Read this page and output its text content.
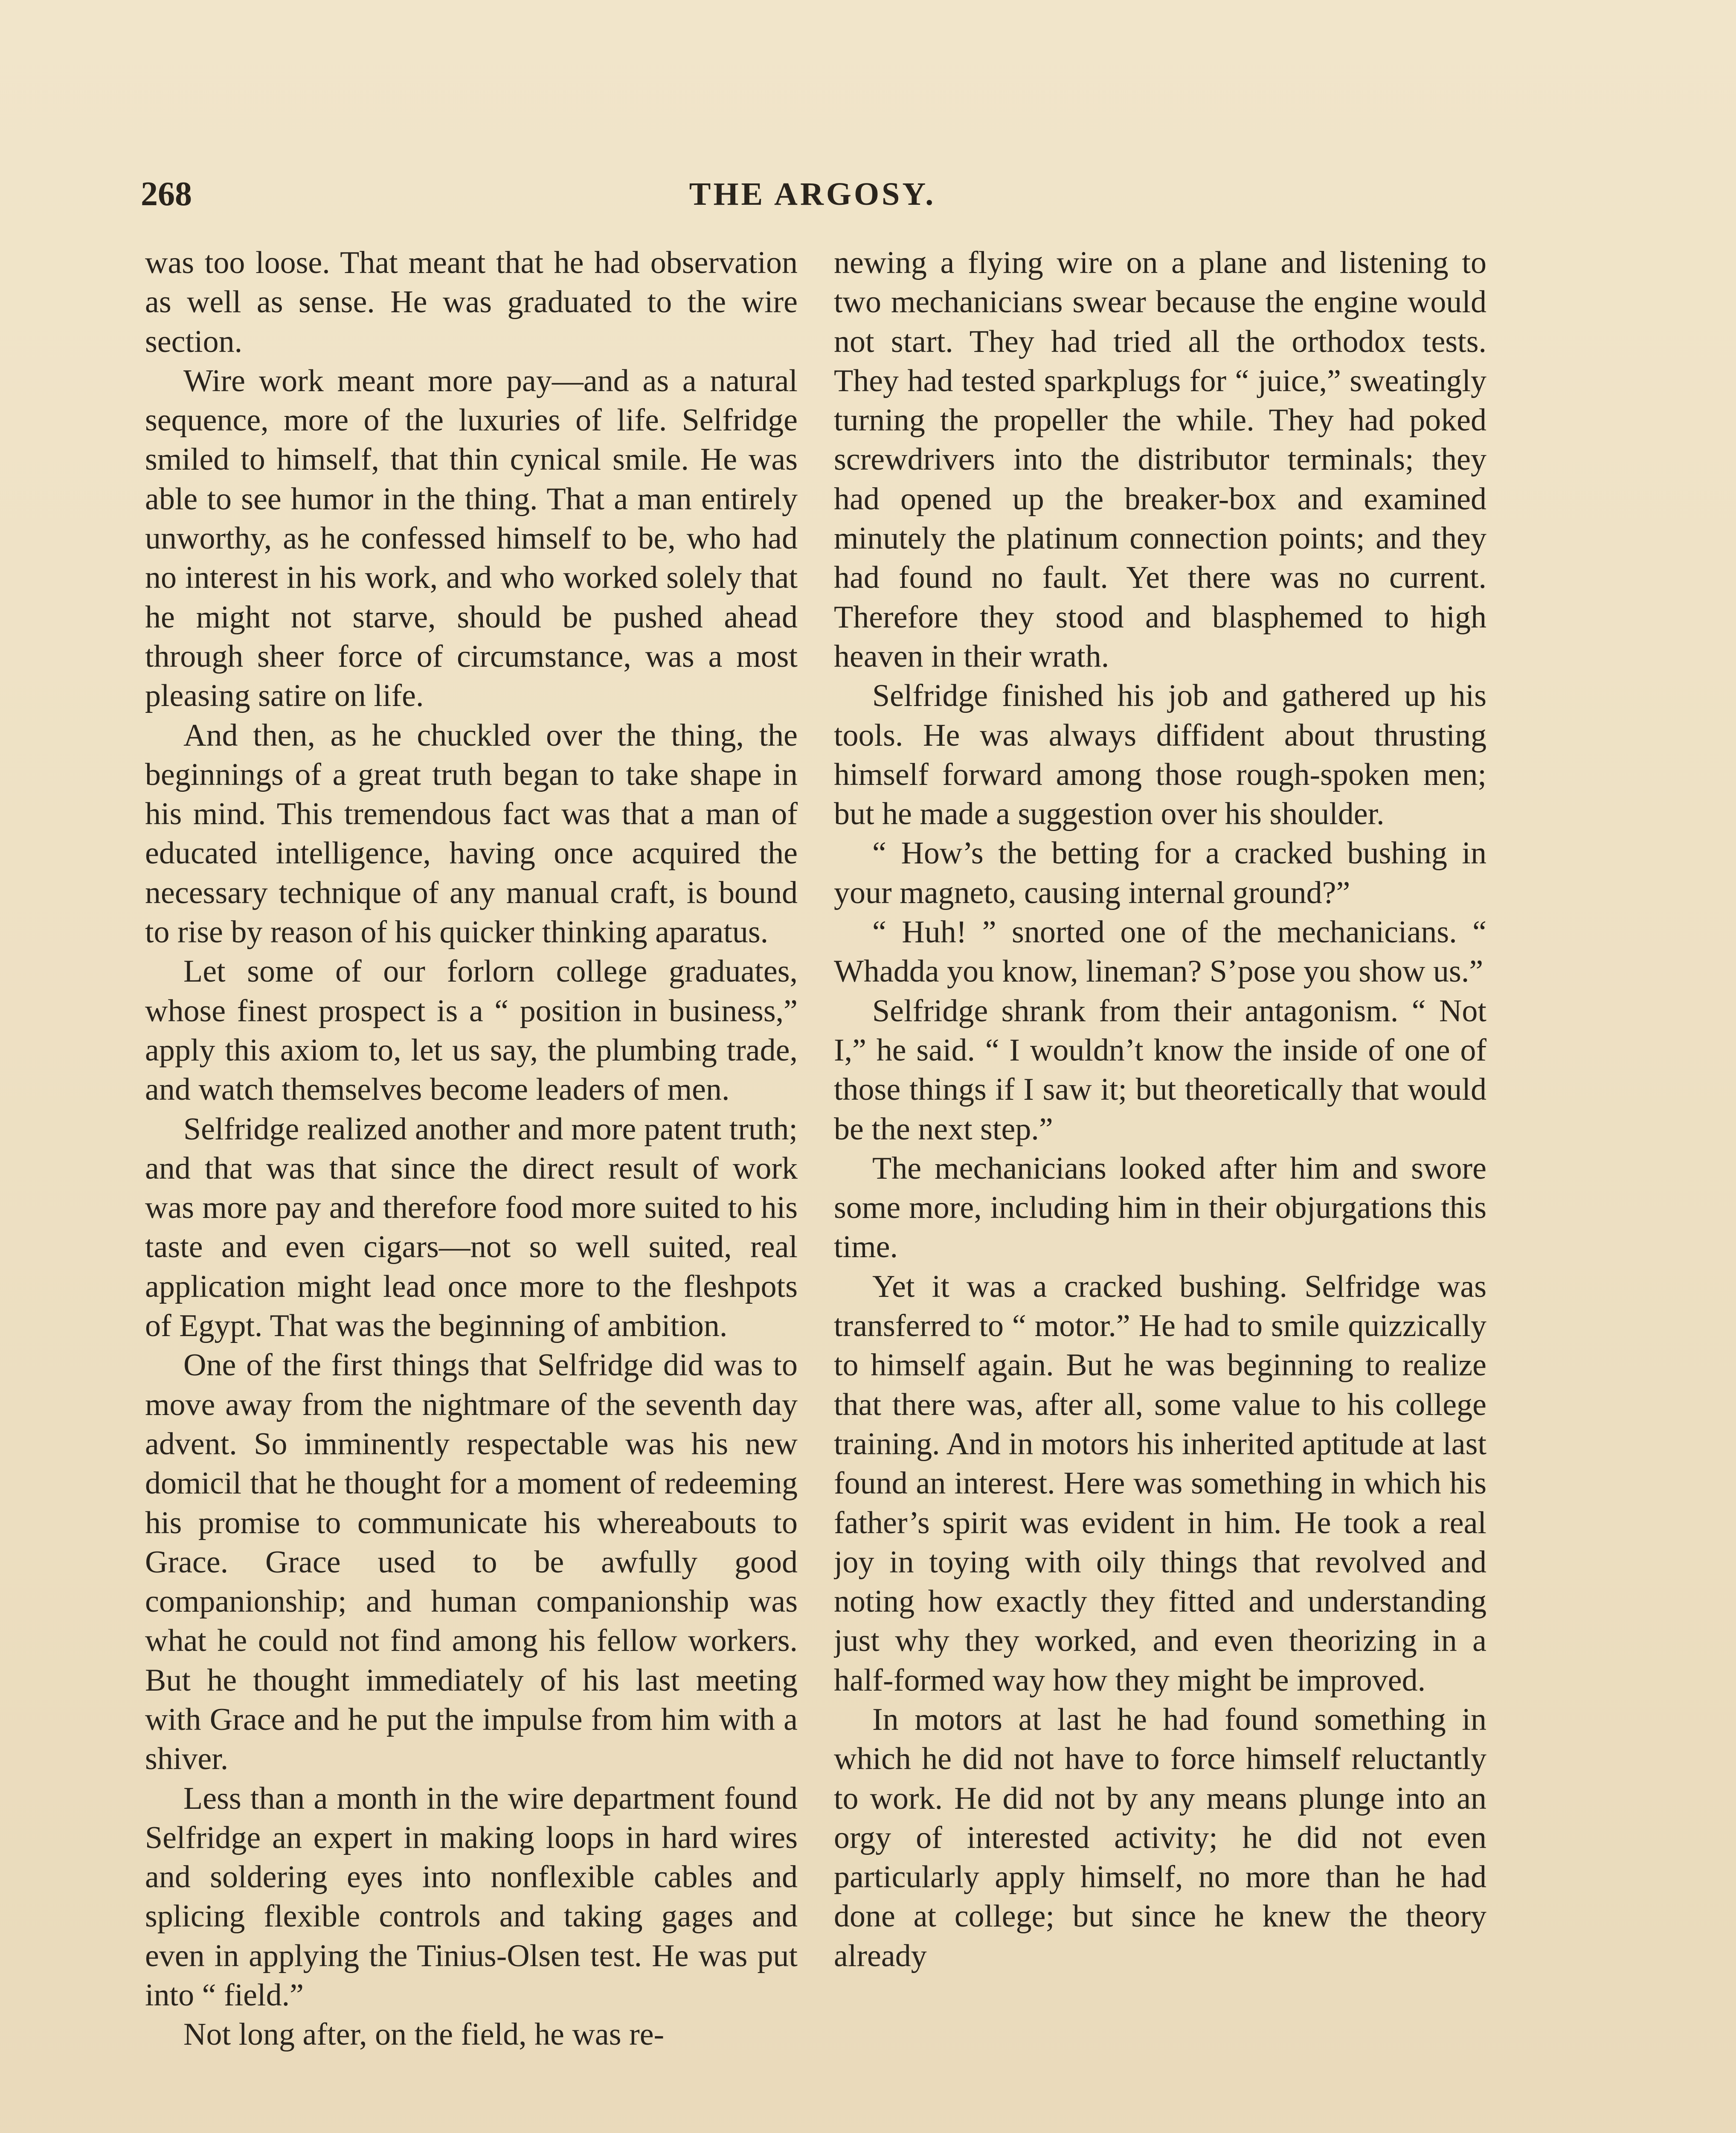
268	THE ARGOSY.

was too loose. That meant that he had observation as well as sense. He was graduated to the wire section.

Wire work meant more pay—and as a natural sequence, more of the luxuries of life. Selfridge smiled to himself, that thin cynical smile. He was able to see humor in the thing. That a man entirely unworthy, as he confessed himself to be, who had no interest in his work, and who worked solely that he might not starve, should be pushed ahead through sheer force of circumstance, was a most pleasing satire on life.

And then, as he chuckled over the thing, the beginnings of a great truth began to take shape in his mind. This tremendous fact was that a man of educated intelligence, having once acquired the necessary technique of any manual craft, is bound to rise by reason of his quicker thinking aparatus.

Let some of our forlorn college graduates, whose finest prospect is a “ position in business,” apply this axiom to, let us say, the plumbing trade, and watch themselves become leaders of men.

Selfridge realized another and more patent truth; and that was that since the direct result of work was more pay and therefore food more suited to his taste and even cigars—not so well suited, real application might lead once more to the fleshpots of Egypt. That was the beginning of ambition.

One of the first things that Selfridge did was to move away from the nightmare of the seventh day advent. So imminently respectable was his new domicil that he thought for a moment of redeeming his promise to communicate his whereabouts to Grace. Grace used to be awfully good companionship; and human companionship was what he could not find among his fellow workers. But he thought immediately of his last meeting with Grace and he put the impulse from him with a shiver.

Less than a month in the wire department found Selfridge an expert in making loops in hard wires and soldering eyes into nonflexible cables and splicing flexible controls and taking gages and even in applying the Tinius-Olsen test. He was put into “ field.”

Not long after, on the field, he was re-

newing a flying wire on a plane and listening to two mechanicians swear because the engine would not start. They had tried all the orthodox tests. They had tested sparkplugs for “ juice,” sweatingly turning the propeller the while. They had poked screwdrivers into the distributor terminals; they had opened up the breaker-box and examined minutely the platinum connection points; and they had found no fault. Yet there was no current. Therefore they stood and blasphemed to high heaven in their wrath.

Selfridge finished his job and gathered up his tools. He was always diffident about thrusting himself forward among those rough-spoken men; but he made a suggestion over his shoulder.

“ How’s the betting for a cracked bushing in your magneto, causing internal ground?”

“ Huh! ” snorted one of the mechanicians. “ Whadda you know, lineman? S’pose you show us.”

Selfridge shrank from their antagonism. “ Not I,” he said. “ I wouldn’t know the inside of one of those things if I saw it; but theoretically that would be the next step.”

The mechanicians looked after him and swore some more, including him in their objurgations this time.

Yet it was a cracked bushing. Selfridge was transferred to “ motor.” He had to smile quizzically to himself again. But he was beginning to realize that there was, after all, some value to his college training. And in motors his inherited aptitude at last found an interest. Here was something in which his father’s spirit was evident in him. He took a real joy in toying with oily things that revolved and noting how exactly they fitted and understanding just why they worked, and even theorizing in a half-formed way how they might be improved.

In motors at last he had found something in which he did not have to force himself reluctantly to work. He did not by any means plunge into an orgy of interested activity; he did not even particularly apply himself, no more than he had done at college; but since he knew the theory already
